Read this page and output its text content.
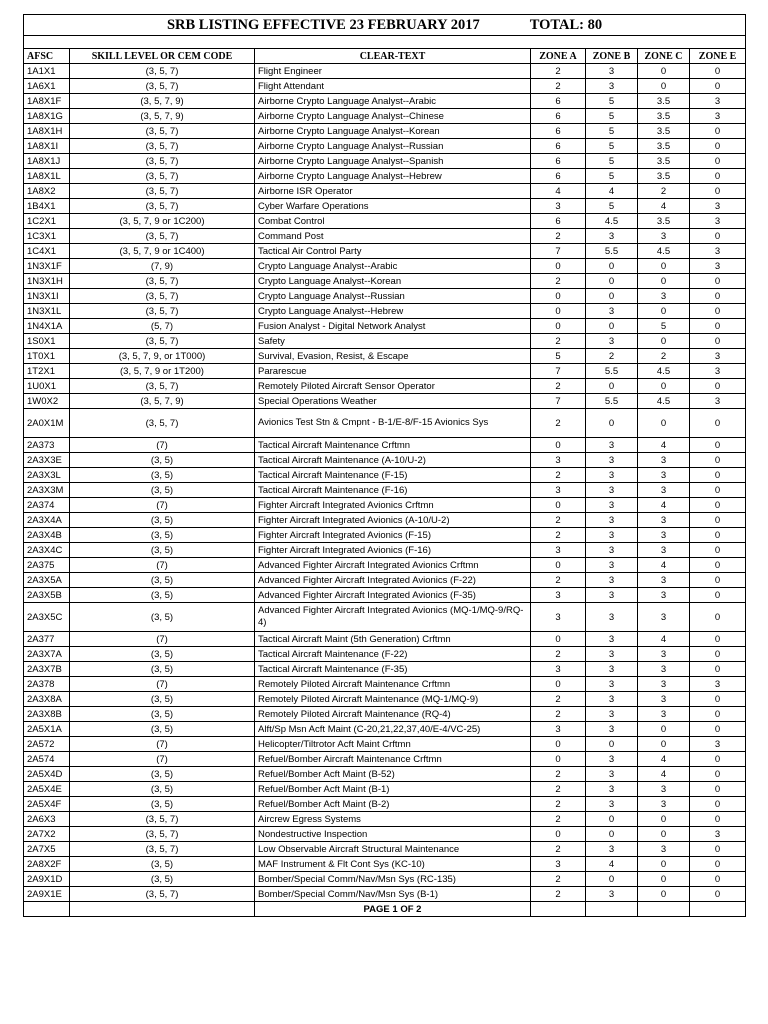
SRB LISTING EFFECTIVE 23 FEBRUARY 2017 TOTAL: 80						

AFSC	SKILL LEVEL OR CEM CODE	CLEAR-TEXT	ZONE A	ZONE B	ZONE C	ZONE E
1A1X1	(3, 5, 7)	Flight Engineer	2	3	0	0
1A6X1	(3, 5, 7)	Flight Attendant	2	3	0	0
1A8X1F	(3, 5, 7, 9)	Airborne Crypto Language Analyst--Arabic	6	5	3.5	3
1A8X1G	(3, 5, 7, 9)	Airborne Crypto Language Analyst--Chinese	6	5	3.5	3
1A8X1H	(3, 5, 7)	Airborne Crypto Language Analyst--Korean	6	5	3.5	0
1A8X1I	(3, 5, 7)	Airborne Crypto Language Analyst--Russian	6	5	3.5	0
1A8X1J	(3, 5, 7)	Airborne Crypto Language Analyst--Spanish	6	5	3.5	0
1A8X1L	(3, 5, 7)	Airborne Crypto Language Analyst--Hebrew	6	5	3.5	0
1A8X2	(3, 5, 7)	Airborne ISR Operator	4	4	2	0
1B4X1	(3, 5, 7)	Cyber Warfare Operations	3	5	4	3
1C2X1	(3, 5, 7, 9 or 1C200)	Combat Control	6	4.5	3.5	3
1C3X1	(3, 5, 7)	Command Post	2	3	3	0
1C4X1	(3, 5, 7, 9 or 1C400)	Tactical Air Control Party	7	5.5	4.5	3
1N3X1F	(7, 9)	Crypto Language Analyst--Arabic	0	0	0	3
1N3X1H	(3, 5, 7)	Crypto Language Analyst--Korean	2	0	0	0
1N3X1I	(3, 5, 7)	Crypto Language Analyst--Russian	0	0	3	0
1N3X1L	(3, 5, 7)	Crypto Language Analyst--Hebrew	0	3	0	0
1N4X1A	(5, 7)	Fusion Analyst - Digital Network Analyst	0	0	5	0
1S0X1	(3, 5, 7)	Safety	2	3	0	0
1T0X1	(3, 5, 7, 9, or 1T000)	Survival, Evasion, Resist, & Escape	5	2	2	3
1T2X1	(3, 5, 7, 9 or 1T200)	Pararescue	7	5.5	4.5	3
1U0X1	(3, 5, 7)	Remotely Piloted Aircraft Sensor Operator	2	0	0	0
1W0X2	(3, 5, 7, 9)	Special Operations Weather	7	5.5	4.5	3
2A0X1M	(3, 5, 7)	Avionics Test Stn & Cmpnt - B-1/E-8/F-15 Avionics Sys	2	0	0	0
2A373	(7)	Tactical Aircraft Maintenance Crftmn	0	3	4	0
2A3X3E	(3, 5)	Tactical Aircraft Maintenance (A-10/U-2)	3	3	3	0
2A3X3L	(3, 5)	Tactical Aircraft Maintenance (F-15)	2	3	3	0
2A3X3M	(3, 5)	Tactical Aircraft Maintenance (F-16)	3	3	3	0
2A374	(7)	Fighter Aircraft Integrated Avionics Crftmn	0	3	4	0
2A3X4A	(3, 5)	Fighter Aircraft Integrated Avionics (A-10/U-2)	2	3	3	0
2A3X4B	(3, 5)	Fighter Aircraft Integrated Avionics (F-15)	2	3	3	0
2A3X4C	(3, 5)	Fighter Aircraft Integrated Avionics (F-16)	3	3	3	0
2A375	(7)	Advanced Fighter Aircraft Integrated Avionics Crftmn	0	3	4	0
2A3X5A	(3, 5)	Advanced Fighter Aircraft Integrated Avionics (F-22)	2	3	3	0
2A3X5B	(3, 5)	Advanced Fighter Aircraft Integrated Avionics (F-35)	3	3	3	0
2A3X5C	(3, 5)	Advanced Fighter Aircraft Integrated Avionics (MQ-1/MQ-9/RQ-4)	3	3	3	0
2A377	(7)	Tactical Aircraft Maint (5th Generation) Crftmn	0	3	4	0
2A3X7A	(3, 5)	Tactical Aircraft Maintenance (F-22)	2	3	3	0
2A3X7B	(3, 5)	Tactical Aircraft Maintenance (F-35)	3	3	3	0
2A378	(7)	Remotely Piloted Aircraft Maintenance Crftmn	0	3	3	3
2A3X8A	(3, 5)	Remotely Piloted Aircraft Maintenance (MQ-1/MQ-9)	2	3	3	0
2A3X8B	(3, 5)	Remotely Piloted Aircraft Maintenance (RQ-4)	2	3	3	0
2A5X1A	(3, 5)	Alft/Sp Msn Acft Maint (C-20,21,22,37,40/E-4/VC-25)	3	3	0	0
2A572	(7)	Helicopter/Tiltrotor Acft Maint Crftmn	0	0	0	3
2A574	(7)	Refuel/Bomber Aircraft Maintenance Crftmn	0	3	4	0
2A5X4D	(3, 5)	Refuel/Bomber Acft Maint (B-52)	2	3	4	0
2A5X4E	(3, 5)	Refuel/Bomber Acft Maint (B-1)	2	3	3	0
2A5X4F	(3, 5)	Refuel/Bomber Acft Maint (B-2)	2	3	3	0
2A6X3	(3, 5, 7)	Aircrew Egress Systems	2	0	0	0
2A7X2	(3, 5, 7)	Nondestructive Inspection	0	0	0	3
2A7X5	(3, 5, 7)	Low Observable Aircraft Structural Maintenance	2	3	3	0
2A8X2F	(3, 5)	MAF Instrument & Flt Cont Sys (KC-10)	3	4	0	0
2A9X1D	(3, 5)	Bomber/Special Comm/Nav/Msn Sys (RC-135)	2	0	0	0
2A9X1E	(3, 5, 7)	Bomber/Special Comm/Nav/Msn Sys (B-1)	2	3	0	0
		PAGE 1 OF 2				
